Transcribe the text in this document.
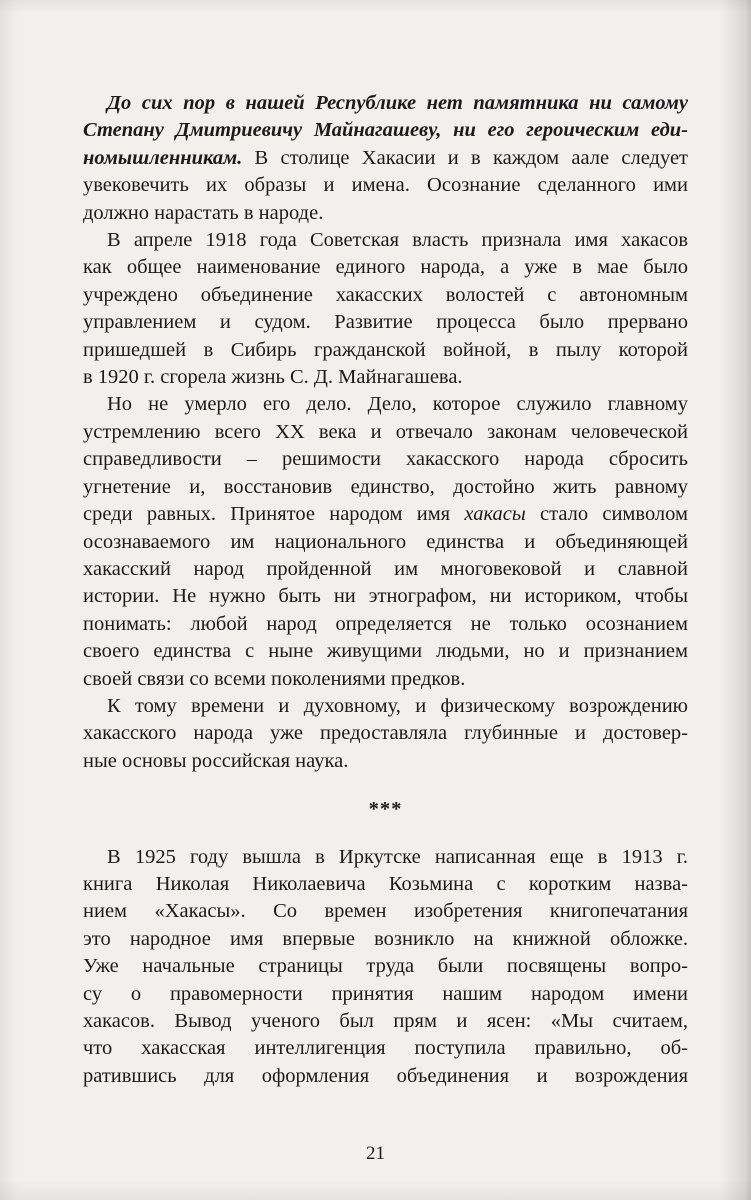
До сих пор в нашей Республике нет памятника ни самому
Степану Дмитриевичу Майнагашеву, ни его героическим еди-
номышленникам. В столице Хакасии и в каждом аале следует
увековечить их образы и имена. Осознание сделанного ими
должно нарастать в народе.
В апреле 1918 года Советская власть признала имя хакасов
как общее наименование единого народа, а уже в мае было
учреждено объединение хакасских волостей с автономным
управлением и судом. Развитие процесса было прервано
пришедшей в Сибирь гражданской войной, в пылу которой
в 1920 г. сгорела жизнь С. Д. Майнагашева.
Но не умерло его дело. Дело, которое служило главному
устремлению всего XX века и отвечало законам человеческой
справедливости – решимости хакасского народа сбросить
угнетение и, восстановив единство, достойно жить равному
среди равных. Принятое народом имя хакасы стало символом
осознаваемого им национального единства и объединяющей
хакасский народ пройденной им многовековой и славной
истории. Не нужно быть ни этнографом, ни историком, чтобы
понимать: любой народ определяется не только осознанием
своего единства с ныне живущими людьми, но и признанием
своей связи со всеми поколениями предков.
К тому времени и духовному, и физическому возрождению
хакасского народа уже предоставляла глубинные и достовер-
ные основы российская наука.
***
В 1925 году вышла в Иркутске написанная еще в 1913 г.
книга Николая Николаевича Козьмина с коротким назва-
нием «Хакасы». Со времен изобретения книгопечатания
это народное имя впервые возникло на книжной обложке.
Уже начальные страницы труда были посвящены вопро-
су о правомерности принятия нашим народом имени
хакасов. Вывод ученого был прям и ясен: «Мы считаем,
что хакасская интеллигенция поступила правильно, об-
ратившись для оформления объединения и возрождения
21
